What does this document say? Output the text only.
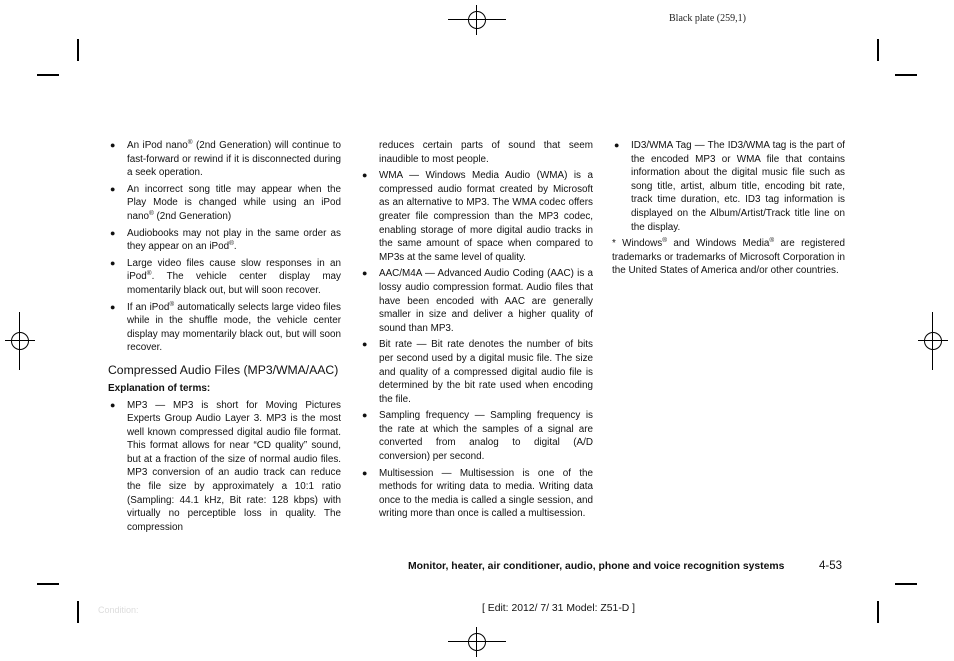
Black plate (259,1)
● An iPod nano® (2nd Generation) will continue to fast-forward or rewind if it is disconnected during a seek operation.
● An incorrect song title may appear when the Play Mode is changed while using an iPod nano® (2nd Generation)
● Audiobooks may not play in the same order as they appear on an iPod®.
● Large video files cause slow responses in an iPod®. The vehicle center display may momentarily black out, but will soon recover.
● If an iPod® automatically selects large video files while in the shuffle mode, the vehicle center display may momentarily black out, but will soon recover.
Compressed Audio Files (MP3/WMA/AAC)
Explanation of terms:
● MP3 — MP3 is short for Moving Pictures Experts Group Audio Layer 3. MP3 is the most well known compressed digital audio file format. This format allows for near “CD quality” sound, but at a fraction of the size of normal audio files. MP3 conversion of an audio track can reduce the file size by approximately a 10:1 ratio (Sampling: 44.1 kHz, Bit rate: 128 kbps) with virtually no perceptible loss in quality. The compression
reduces certain parts of sound that seem inaudible to most people.
● WMA — Windows Media Audio (WMA) is a compressed audio format created by Microsoft as an alternative to MP3. The WMA codec offers greater file compression than the MP3 codec, enabling storage of more digital audio tracks in the same amount of space when compared to MP3s at the same level of quality.
● AAC/M4A — Advanced Audio Coding (AAC) is a lossy audio compression format. Audio files that have been encoded with AAC are generally smaller in size and deliver a higher quality of sound than MP3.
● Bit rate — Bit rate denotes the number of bits per second used by a digital music file. The size and quality of a compressed digital audio file is determined by the bit rate used when encoding the file.
● Sampling frequency — Sampling frequency is the rate at which the samples of a signal are converted from analog to digital (A/D conversion) per second.
● Multisession — Multisession is one of the methods for writing data to media. Writing data once to the media is called a single session, and writing more than once is called a multisession.
● ID3/WMA Tag — The ID3/WMA tag is the part of the encoded MP3 or WMA file that contains information about the digital music file such as song title, artist, album title, encoding bit rate, track time duration, etc. ID3 tag information is displayed on the Album/Artist/Track title line on the display.
* Windows® and Windows Media® are registered trademarks or trademarks of Microsoft Corporation in the United States of America and/or other countries.
Monitor, heater, air conditioner, audio, phone and voice recognition systems	4-53
Condition:	[ Edit: 2012/ 7/ 31 Model: Z51-D ]
